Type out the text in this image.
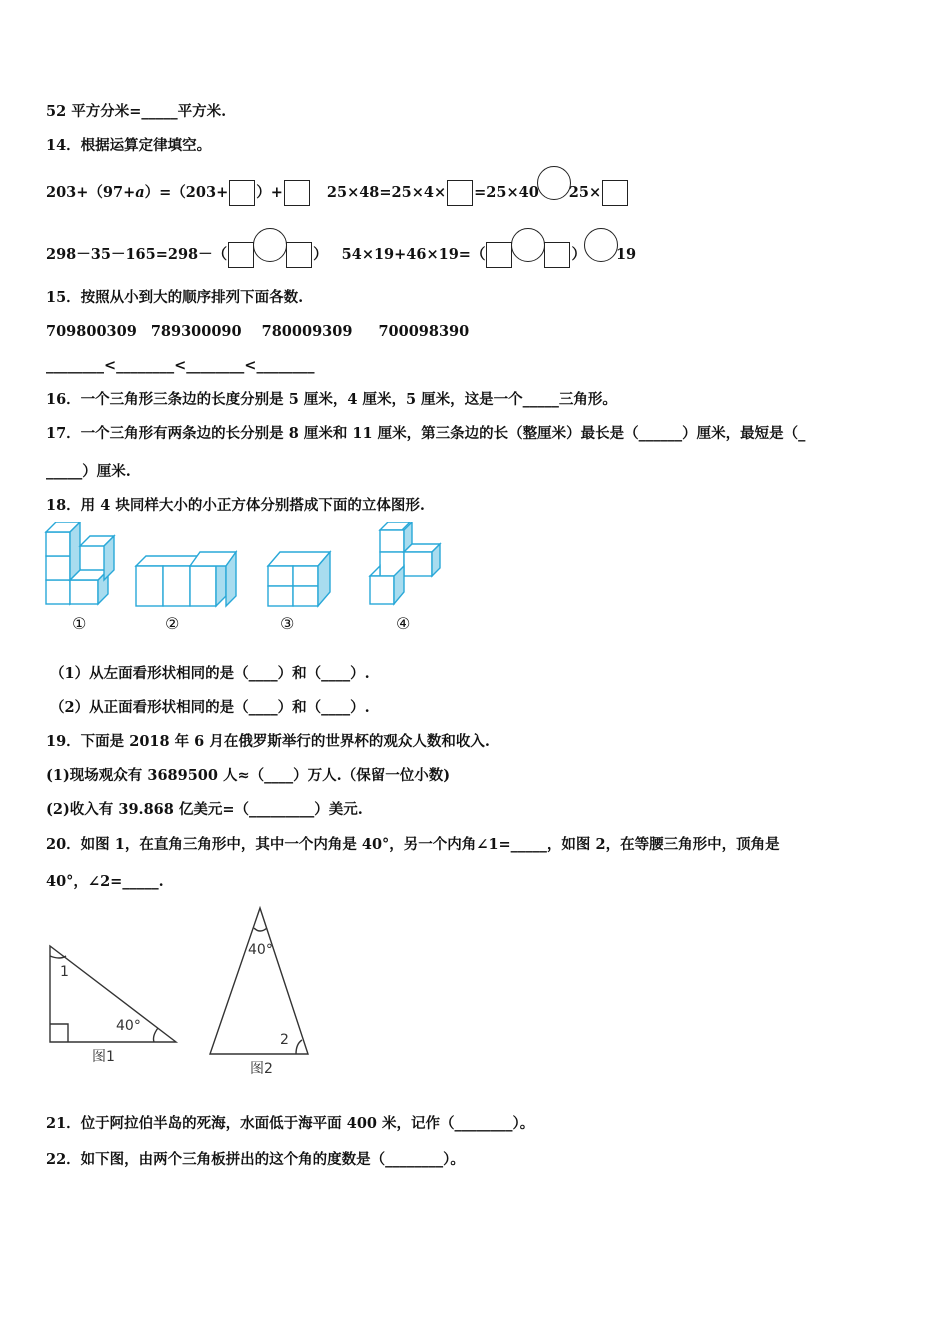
52 平方分米=_____平方米.
14．根据运算定律填空。
203+（97+a）=（203+ ）+	25×48=25×4× =25×40 25×
298－35－165=298－（	） 54×19+46×19=（	） 19
15．按照从小到大的顺序排列下面各数.
709800309 789300090 780009309 700098390
________<________<________<________
16．一个三角形三条边的长度分别是 5 厘米，4 厘米，5 厘米，这是一个_____三角形。
17．一个三角形有两条边的长分别是 8 厘米和 11 厘米，第三条边的长（整厘米）最长是（______）厘米，最短是（_
_____）厘米.
18．用 4 块同样大小的小正方体分别搭成下面的立体图形.
①	②	③	④
（1）从左面看形状相同的是（____）和（____）.
（2）从正面看形状相同的是（____）和（____）.
19．下面是 2018 年 6 月在俄罗斯举行的世界杯的观众人数和收入.
(1)现场观众有 3689500 人≈（____）万人.（保留一位小数)
(2)收入有 39.868 亿美元=（_________）美元.
20．如图 1，在直角三角形中，其中一个内角是 40°，另一个内角∠1=_____，如图 2，在等腰三角形中，顶角是
40°，∠2=_____.
1
40°
图1
40°
2
图2
21．位于阿拉伯半岛的死海，水面低于海平面 400 米，记作（________）。
22．如下图，由两个三角板拼出的这个角的度数是（________）。
